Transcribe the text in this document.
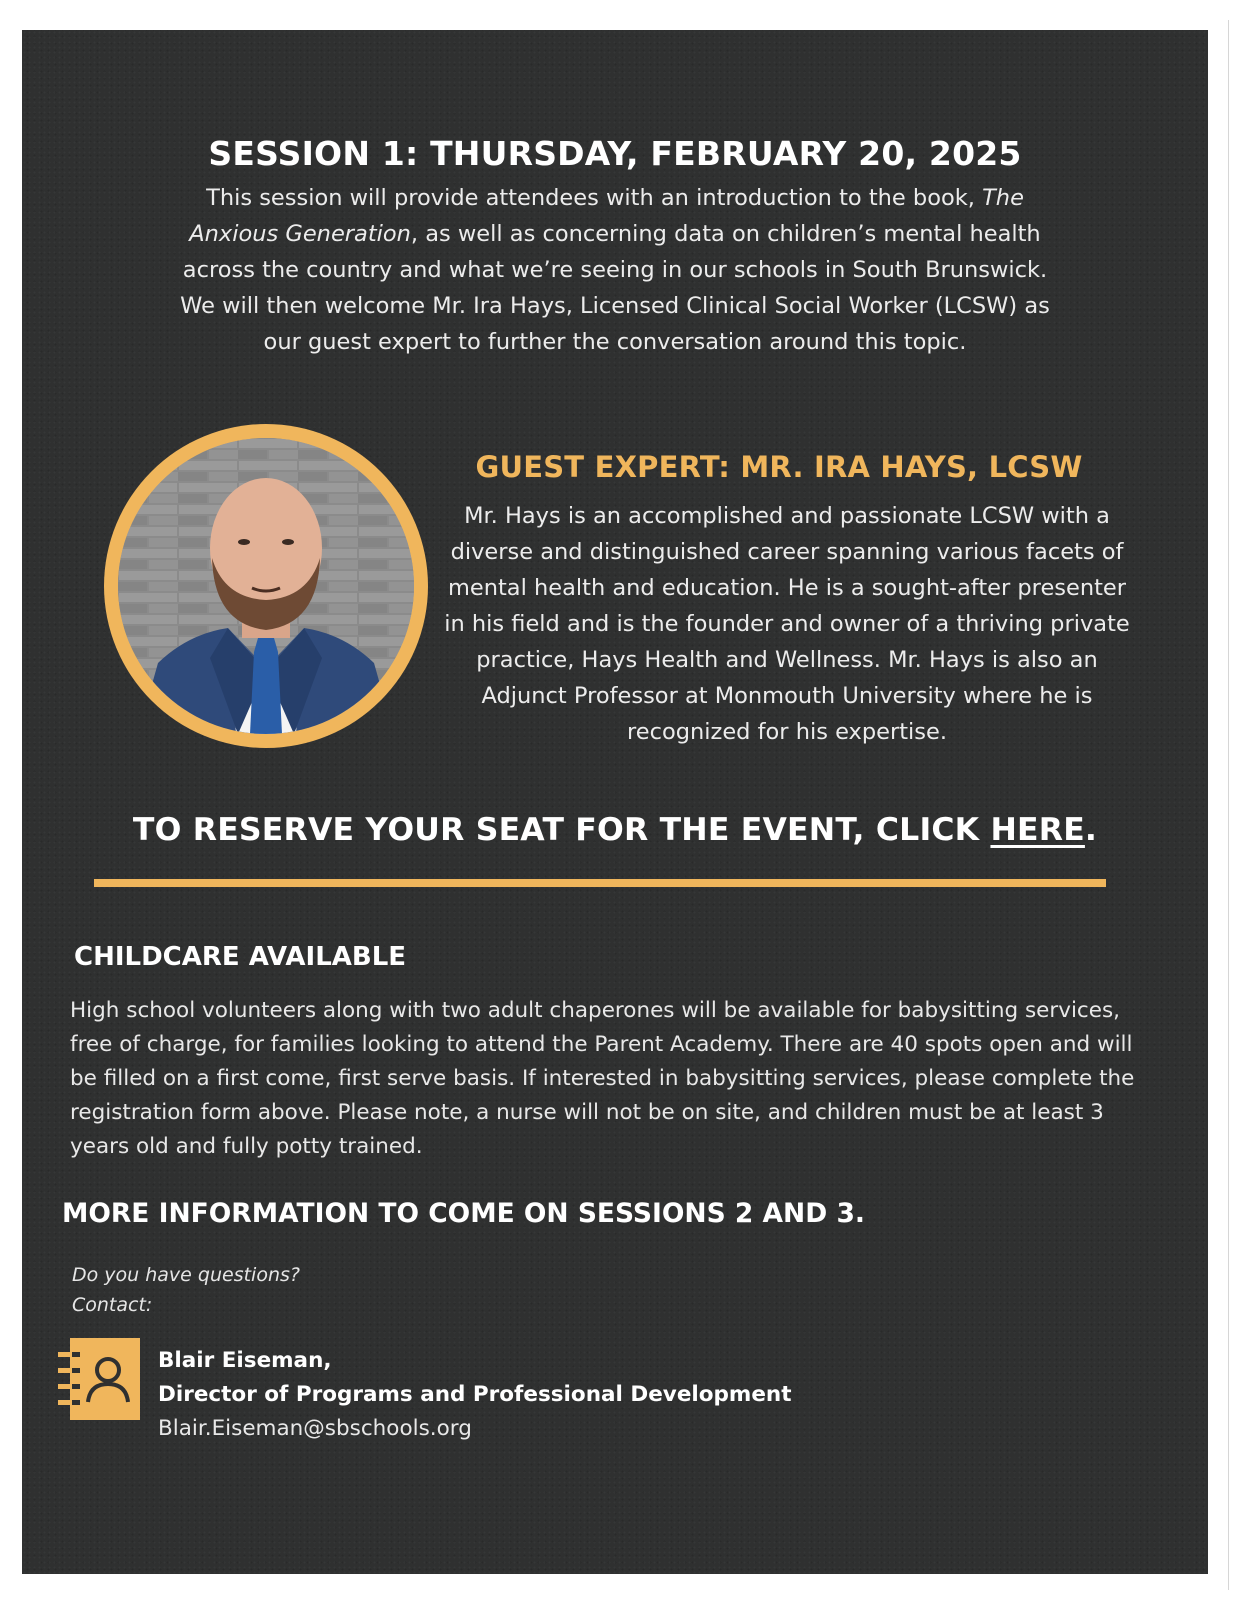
SESSION 1: THURSDAY, FEBRUARY 20, 2025

This session will provide attendees with an introduction to the book, The Anxious Generation, as well as concerning data on children’s mental health across the country and what we’re seeing in our schools in South Brunswick. We will then welcome Mr. Ira Hays, Licensed Clinical Social Worker (LCSW) as our guest expert to further the conversation around this topic.

GUEST EXPERT: MR. IRA HAYS, LCSW

Mr. Hays is an accomplished and passionate LCSW with a diverse and distinguished career spanning various facets of mental health and education. He is a sought-after presenter in his field and is the founder and owner of a thriving private practice, Hays Health and Wellness. Mr. Hays is also an Adjunct Professor at Monmouth University where he is recognized for his expertise.

TO RESERVE YOUR SEAT FOR THE EVENT, CLICK HERE.
CHILDCARE AVAILABLE

High school volunteers along with two adult chaperones will be available for babysitting services, free of charge, for families looking to attend the Parent Academy. There are 40 spots open and will be filled on a first come, first serve basis. If interested in babysitting services, please complete the registration form above. Please note, a nurse will not be on site, and children must be at least 3 years old and fully potty trained.

MORE INFORMATION TO COME ON SESSIONS 2 AND 3.
Do you have questions?
Contact:
Blair Eiseman,
Director of Programs and Professional Development
Blair.Eiseman@sbschools.org
